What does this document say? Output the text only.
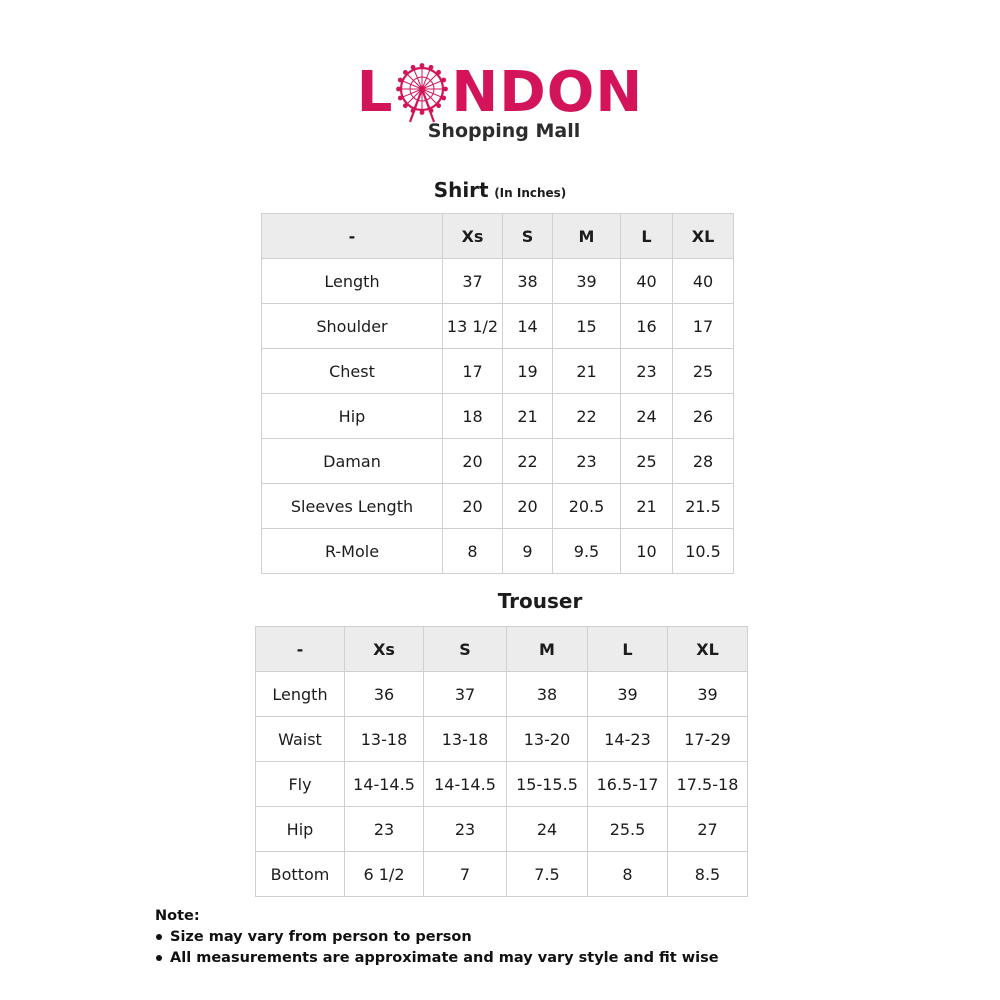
L NDON
Shopping Mall
Shirt (In Inches)
-	Xs	S	M	L	XL
Length	37	38	39	40	40
Shoulder	13 1/2	14	15	16	17
Chest	17	19	21	23	25
Hip	18	21	22	24	26
Daman	20	22	23	25	28
Sleeves Length	20	20	20.5	21	21.5
R-Mole	8	9	9.5	10	10.5
Trouser
-	Xs	S	M	L	XL
Length	36	37	38	39	39
Waist	13-18	13-18	13-20	14-23	17-29
Fly	14-14.5	14-14.5	15-15.5	16.5-17	17.5-18
Hip	23	23	24	25.5	27
Bottom	6 1/2	7	7.5	8	8.5
Note:
Size may vary from person to person
All measurements are approximate and may vary style and fit wise
